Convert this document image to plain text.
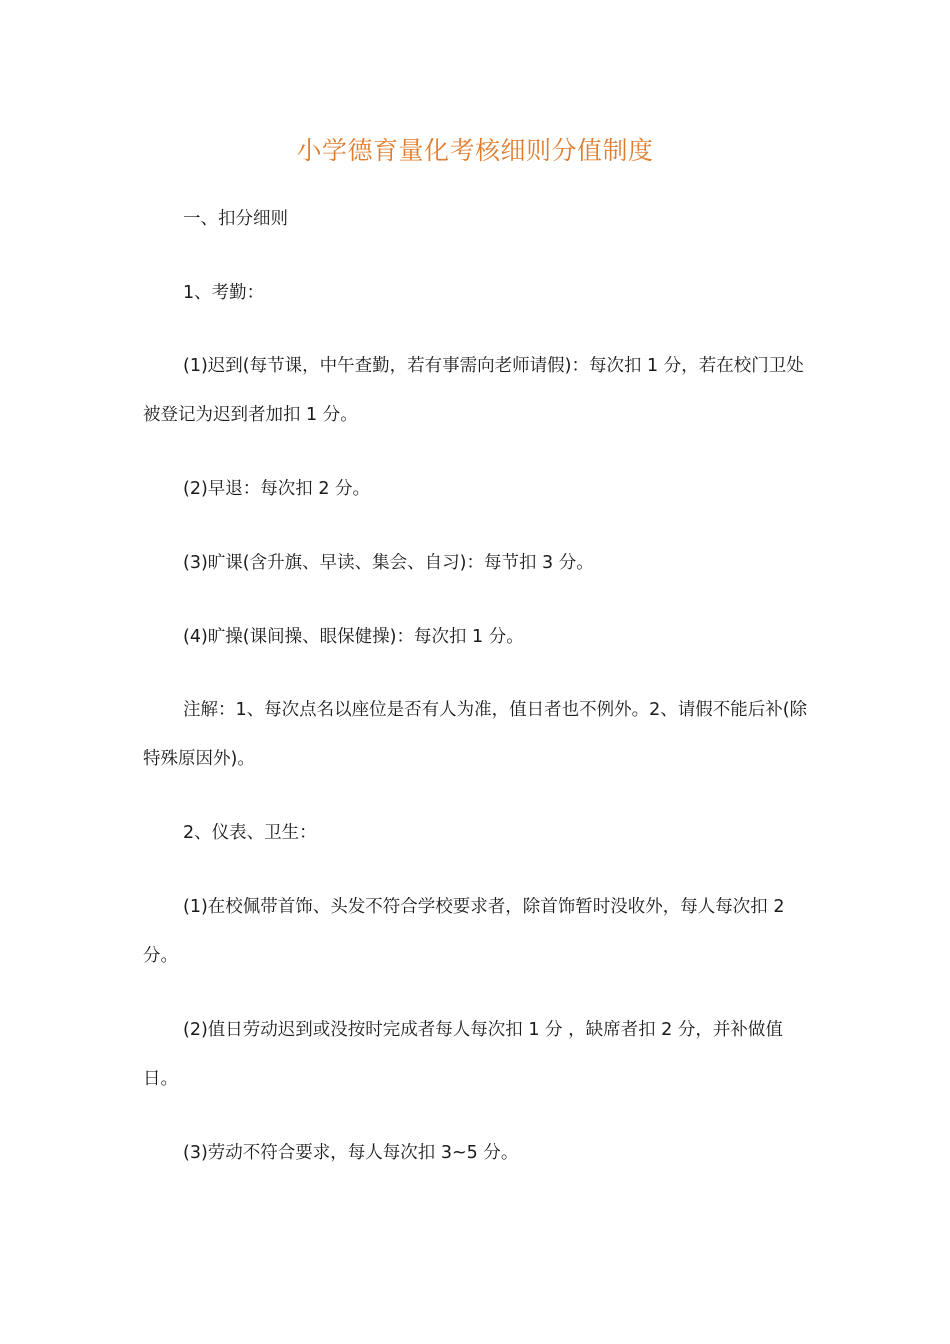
小学德育量化考核细则分值制度

一、扣分细则

1、考勤：

(1)迟到(每节课，中午查勤，若有事需向老师请假)：每次扣 1 分，若在校门卫处被登记为迟到者加扣 1 分。

(2)早退：每次扣 2 分。

(3)旷课(含升旗、早读、集会、自习)：每节扣 3 分。

(4)旷操(课间操、眼保健操)：每次扣 1 分。

注解：1、每次点名以座位是否有人为准，值日者也不例外。2、请假不能后补(除特殊原因外)。

2、仪表、卫生：

(1)在校佩带首饰、头发不符合学校要求者，除首饰暂时没收外，每人每次扣 2 分。

(2)值日劳动迟到或没按时完成者每人每次扣 1 分 ，缺席者扣 2 分，并补做值日。

(3)劳动不符合要求，每人每次扣 3~5 分。
